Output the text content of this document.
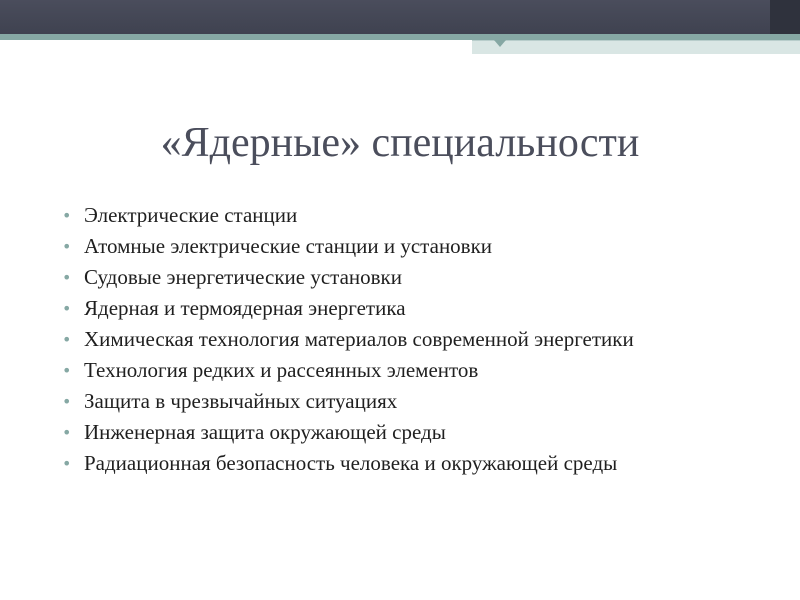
«Ядерные» специальности
• Электрические станции
• Атомные электрические станции и установки
• Судовые энергетические установки
• Ядерная и термоядерная энергетика
• Химическая технология материалов современной энергетики
• Технология редких и рассеянных элементов
• Защита в чрезвычайных ситуациях
• Инженерная защита окружающей среды
• Радиационная безопасность человека и окружающей среды
